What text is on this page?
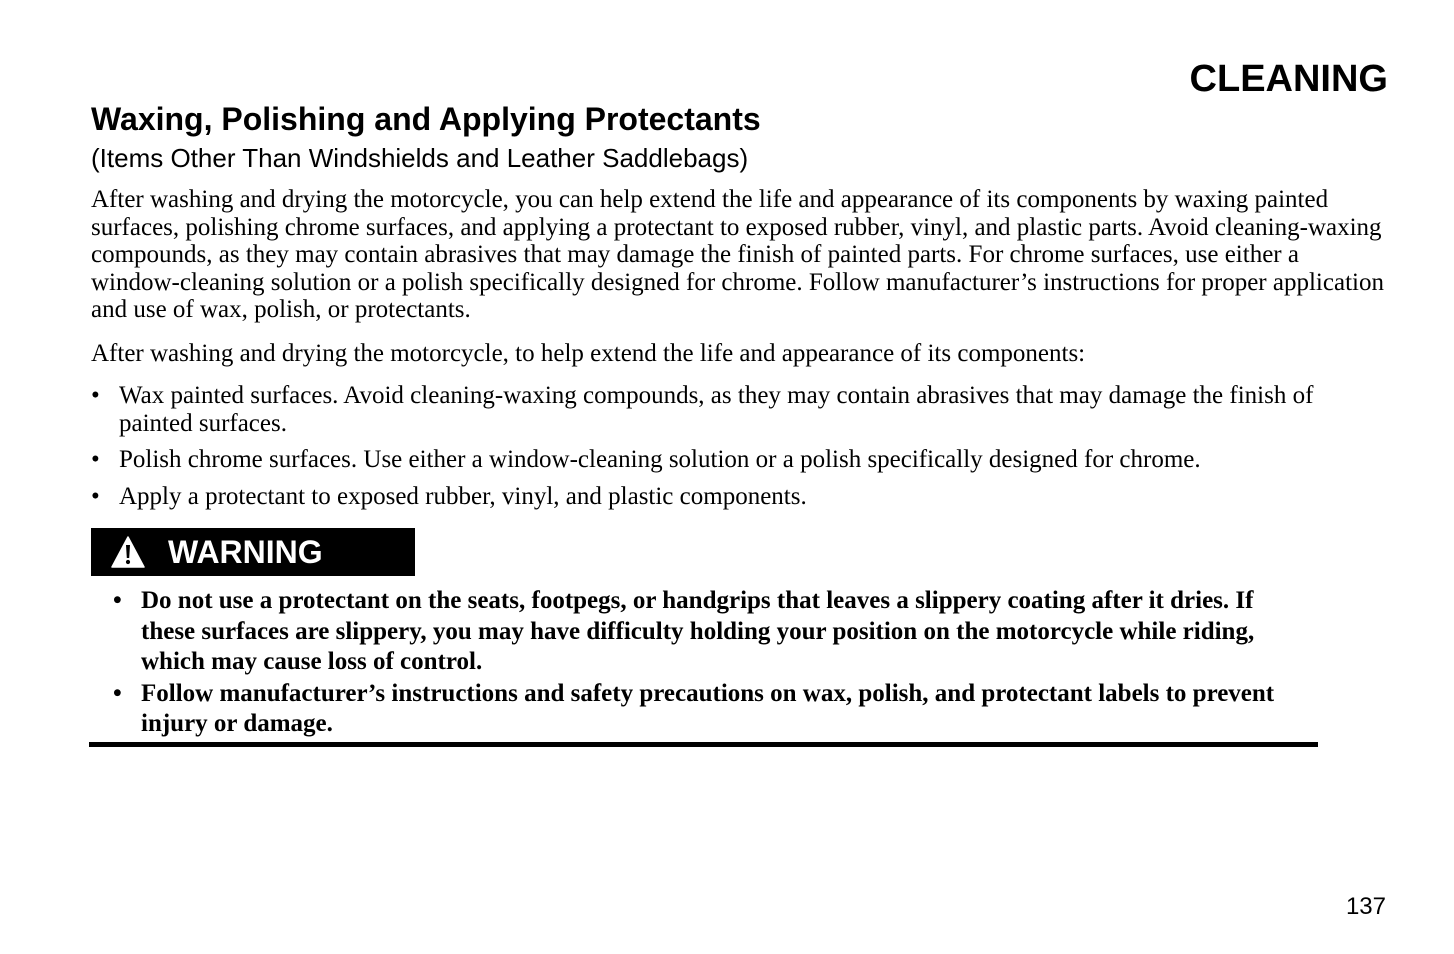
CLEANING
Waxing, Polishing and Applying Protectants
(Items Other Than Windshields and Leather Saddlebags)

After washing and drying the motorcycle, you can help extend the life and appearance of its components by waxing painted surfaces, polishing chrome surfaces, and applying a protectant to exposed rubber, vinyl, and plastic parts. Avoid cleaning-waxing compounds, as they may contain abrasives that may damage the finish of painted parts. For chrome surfaces, use either a window-cleaning solution or a polish specifically designed for chrome. Follow manufacturer’s instructions for proper application and use of wax, polish, or protectants.

After washing and drying the motorcycle, to help extend the life and appearance of its components:

• Wax painted surfaces. Avoid cleaning-waxing compounds, as they may contain abrasives that may damage the finish of painted surfaces.
• Polish chrome surfaces. Use either a window-cleaning solution or a polish specifically designed for chrome.
• Apply a protectant to exposed rubber, vinyl, and plastic components.
WARNING
• Do not use a protectant on the seats, footpegs, or handgrips that leaves a slippery coating after it dries. If these surfaces are slippery, you may have difficulty holding your position on the motorcycle while riding, which may cause loss of control.
• Follow manufacturer’s instructions and safety precautions on wax, polish, and protectant labels to prevent injury or damage.
137
